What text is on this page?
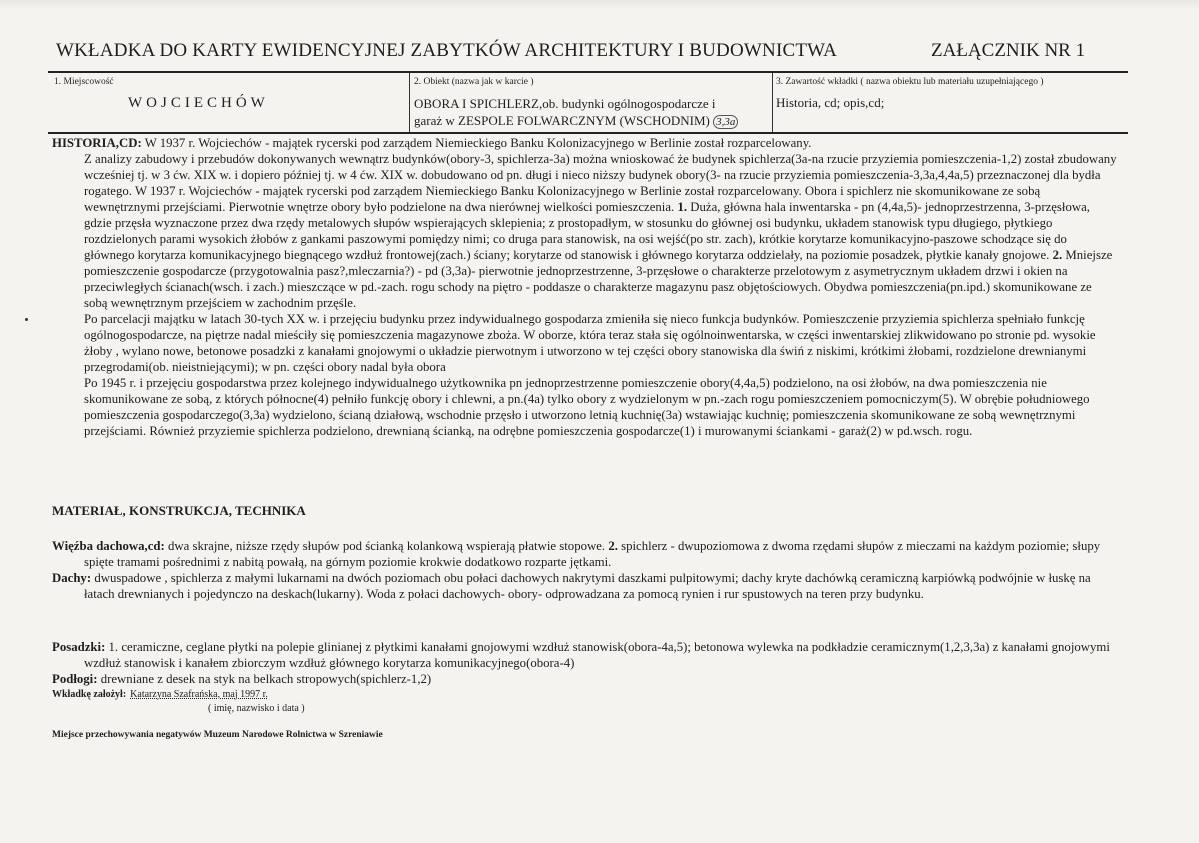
WKŁADKA DO KARTY EWIDENCYJNEJ ZABYTKÓW ARCHITEKTURY I BUDOWNICTWA	ZAŁĄCZNIK NR 1
1. Miejscowość
WOJCIECHÓW
2. Obiekt (nazwa jak w karcie )
OBORA I SPICHLERZ,ob. budynki ogólnogospodarcze i
garaż w ZESPOLE FOLWARCZNYM (WSCHODNIM) 3,3a
3. Zawartość wkładki ( nazwa obiektu lub materiału uzupełniającego )
Historia, cd; opis,cd;

HISTORIA,CD: W 1937 r. Wojciechów - majątek rycerski pod zarządem Niemieckiego Banku Kolonizacyjnego w Berlinie został rozparcelowany.

Z analizy zabudowy i przebudów dokonywanych wewnątrz budynków(obory-3, spichlerza-3a) można wnioskować że budynek spichlerza(3a-na rzucie przyziemia pomieszczenia-1,2) został zbudowany wcześniej tj. w 3 ćw. XIX w. i dopiero później tj. w 4 ćw. XIX w. dobudowano od pn. długi i nieco niższy budynek obory(3- na rzucie przyziemia pomieszczenia-3,3a,4,4a,5) przeznaczonej dla bydła rogatego. W 1937 r. Wojciechów - majątek rycerski pod zarządem Niemieckiego Banku Kolonizacyjnego w Berlinie został rozparcelowany. Obora i spichlerz nie skomunikowane ze sobą wewnętrznymi przejściami. Pierwotnie wnętrze obory było podzielone na dwa nierównej wielkości pomieszczenia. 1. Duża, główna hala inwentarska - pn (4,4a,5)- jednoprzestrzenna, 3-przęsłowa, gdzie przęsła wyznaczone przez dwa rzędy metalowych słupów wspierających sklepienia; z prostopadłym, w stosunku do głównej osi budynku, układem stanowisk typu długiego, płytkiego rozdzielonych parami wysokich żłobów z gankami paszowymi pomiędzy nimi; co druga para stanowisk, na osi wejść(po str. zach), krótkie korytarze komunikacyjno-paszowe schodzące się do głównego korytarza komunikacyjnego biegnącego wzdłuż frontowej(zach.) ściany; korytarze od stanowisk i głównego korytarza oddzielały, na poziomie posadzek, płytkie kanały gnojowe. 2. Mniejsze pomieszczenie gospodarcze (przygotowalnia pasz?,mleczarnia?) - pd (3,3a)- pierwotnie jednoprzestrzenne, 3-przęsłowe o charakterze przelotowym z asymetrycznym układem drzwi i okien na przeciwległych ścianach(wsch. i zach.) mieszczące w pd.-zach. rogu schody na piętro - poddasze o charakterze magazynu pasz objętościowych. Obydwa pomieszczenia(pn.ipd.) skomunikowane ze sobą wewnętrznym przejściem w zachodnim przęśle.

Po parcelacji majątku w latach 30-tych XX w. i przejęciu budynku przez indywidualnego gospodarza zmieniła się nieco funkcja budynków. Pomieszczenie przyziemia spichlerza spełniało funkcję ogólnogospodarcze, na piętrze nadal mieściły się pomieszczenia magazynowe zboża. W oborze, która teraz stała się ogólnoinwentarska, w części inwentarskiej zlikwidowano po stronie pd. wysokie żłoby , wylano nowe, betonowe posadzki z kanałami gnojowymi o układzie pierwotnym i utworzono w tej części obory stanowiska dla świń z niskimi, krótkimi żłobami, rozdzielone drewnianymi przegrodami(ob. nieistniejącymi); w pn. części obory nadal była obora

Po 1945 r. i przejęciu gospodarstwa przez kolejnego indywidualnego użytkownika pn jednoprzestrzenne pomieszczenie obory(4,4a,5) podzielono, na osi żłobów, na dwa pomieszczenia nie skomunikowane ze sobą, z których północne(4) pełniło funkcję obory i chlewni, a pn.(4a) tylko obory z wydzielonym w pn.-zach rogu pomieszczeniem pomocniczym(5). W obrębie południowego pomieszczenia gospodarczego(3,3a) wydzielono, ścianą działową, wschodnie przęsło i utworzono letnią kuchnię(3a) wstawiając kuchnię; pomieszczenia skomunikowane ze sobą wewnętrznymi przejściami. Również przyziemie spichlerza podzielono, drewnianą ścianką, na odrębne pomieszczenia gospodarcze(1) i murowanymi ściankami - garaż(2) w pd.wsch. rogu.

MATERIAŁ, KONSTRUKCJA, TECHNIKA

Więźba dachowa,cd: dwa skrajne, niższe rzędy słupów pod ścianką kolankową wspierają płatwie stopowe. 2. spichlerz - dwupoziomowa z dwoma rzędami słupów z mieczami na każdym poziomie; słupy spięte tramami pośrednimi z nabitą powałą, na górnym poziomie krokwie dodatkowo rozparte jętkami.

Dachy: dwuspadowe , spichlerza z małymi lukarnami na dwóch poziomach obu połaci dachowych nakrytymi daszkami pulpitowymi; dachy kryte dachówką ceramiczną karpiówką podwójnie w łuskę na łatach drewnianych i pojedynczo na deskach(lukarny). Woda z połaci dachowych- obory- odprowadzana za pomocą rynien i rur spustowych na teren przy budynku.

Posadzki: 1. ceramiczne, ceglane płytki na polepie glinianej z płytkimi kanałami gnojowymi wzdłuż stanowisk(obora-4a,5); betonowa wylewka na podkładzie ceramicznym(1,2,3,3a) z kanałami gnojowymi wzdłuż stanowisk i kanałem zbiorczym wzdłuż głównego korytarza komunikacyjnego(obora-4)

Podłogi: drewniane z desek na styk na belkach stropowych(spichlerz-1,2)

Wkładkę założył: Katarzyna Szafrańska, maj 1997 r.
( imię, nazwisko i data )
Miejsce przechowywania negatywów Muzeum Narodowe Rolnictwa w Szreniawie
